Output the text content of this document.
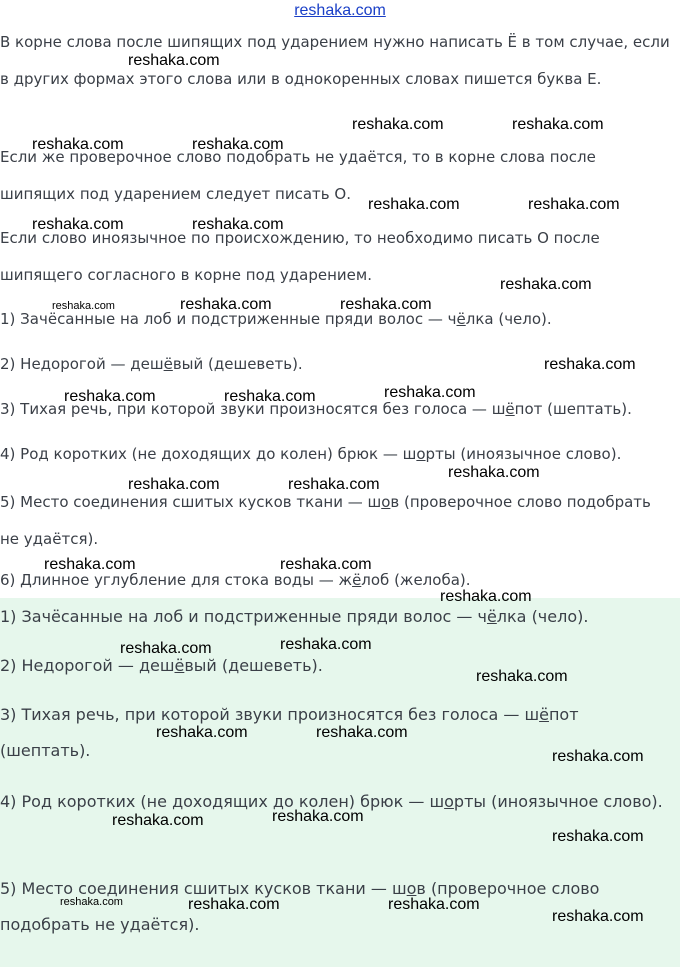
reshaka.com

В корне слова после шипящих под ударением нужно написать Ё в том случае, если в других формах этого слова или в однокоренных словах пишется буква Е.

Если же проверочное слово подобрать не удаётся, то в корне слова после шипящих под ударением следует писать О.

Если слово иноязычное по происхождению, то необходимо писать О после шипящего согласного в корне под ударением.

1) Зачёсанные на лоб и подстриженные пряди волос — чёлка (чело).

2) Недорогой — дешёвый (дешеветь).

3) Тихая речь, при которой звуки произносятся без голоса — шёпот (шептать).

4) Род коротких (не доходящих до колен) брюк — шорты (иноязычное слово).

5) Место соединения сшитых кусков ткани — шов (проверочное слово подобрать не удаётся).

6) Длинное углубление для стока воды — жёлоб (желоба).

1) Зачёсанные на лоб и подстриженные пряди волос — чёлка (чело).

2) Недорогой — дешёвый (дешеветь).

3) Тихая речь, при которой звуки произносятся без голоса — шёпот (шептать).

4) Род коротких (не доходящих до колен) брюк — шорты (иноязычное слово).

5) Место соединения сшитых кусков ткани — шов (проверочное слово подобрать не удаётся).

reshaka.com
reshaka.com	reshaka.com
reshaka.com	reshaka.com
reshaka.com	reshaka.com
reshaka.com	reshaka.com
reshaka.com
reshaka.com	reshaka.com	reshaka.com
reshaka.com
reshaka.com	reshaka.com	reshaka.com
reshaka.com
reshaka.com	reshaka.com
reshaka.com	reshaka.com
reshaka.com
reshaka.com	reshaka.com
reshaka.com
reshaka.com	reshaka.com
reshaka.com
reshaka.com	reshaka.com
reshaka.com
reshaka.com	reshaka.com	reshaka.com
reshaka.com
